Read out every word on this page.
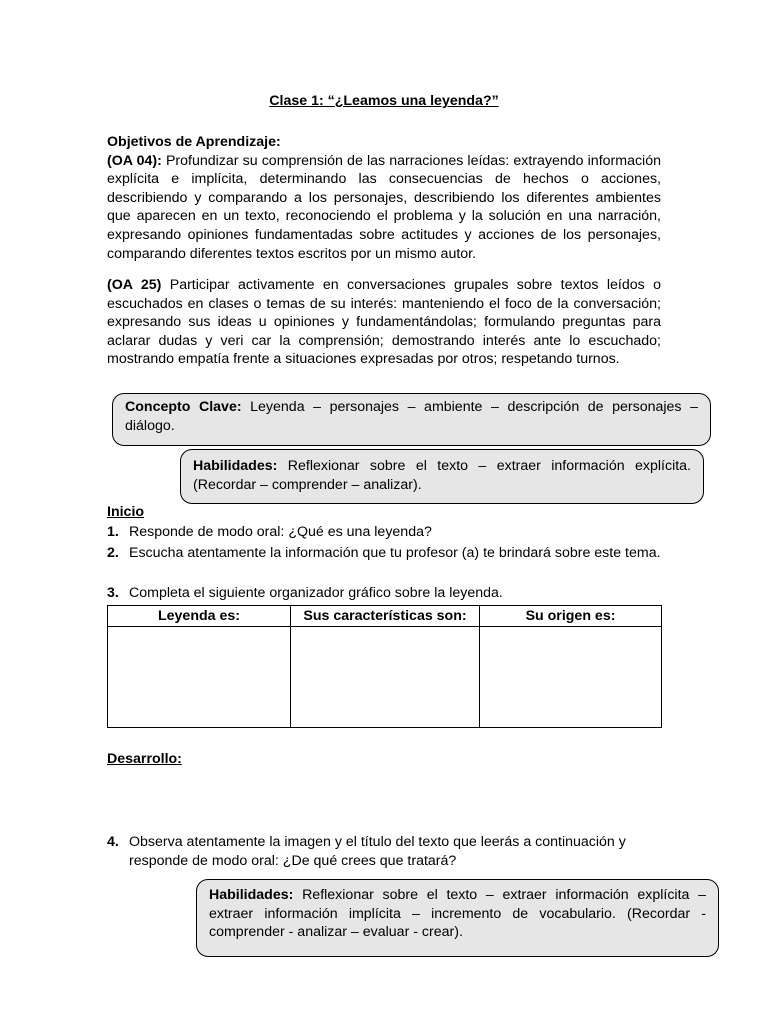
Clase 1: “¿Leamos una leyenda?”
Objetivos de Aprendizaje:
(OA 04): Profundizar su comprensión de las narraciones leídas: extrayendo información explícita e implícita, determinando las consecuencias de hechos o acciones, describiendo y comparando a los personajes, describiendo los diferentes ambientes que aparecen en un texto, reconociendo el problema y la solución en una narración, expresando opiniones fundamentadas sobre actitudes y acciones de los personajes, comparando diferentes textos escritos por un mismo autor.
(OA 25) Participar activamente en conversaciones grupales sobre textos leídos o escuchados en clases o temas de su interés: manteniendo el foco de la conversación; expresando sus ideas u opiniones y fundamentándolas; formulando preguntas para aclarar dudas y veri car la comprensión; demostrando interés ante lo escuchado; mostrando empatía frente a situaciones expresadas por otros; respetando turnos.
Concepto Clave: Leyenda – personajes – ambiente – descripción de personajes – diálogo.
Habilidades: Reflexionar sobre el texto – extraer información explícita. (Recordar – comprender – analizar).
Inicio
1. Responde de modo oral: ¿Qué es una leyenda?
2. Escucha atentamente la información que tu profesor (a) te brindará sobre este tema.
3. Completa el siguiente organizador gráfico sobre la leyenda.
Leyenda es:	Sus características son:	Su origen es:

Desarrollo:
4. Observa atentamente la imagen y el título del texto que leerás a continuación y responde de modo oral: ¿De qué crees que tratará?
Habilidades: Reflexionar sobre el texto – extraer información explícita – extraer información implícita – incremento de vocabulario. (Recordar - comprender - analizar – evaluar - crear).
